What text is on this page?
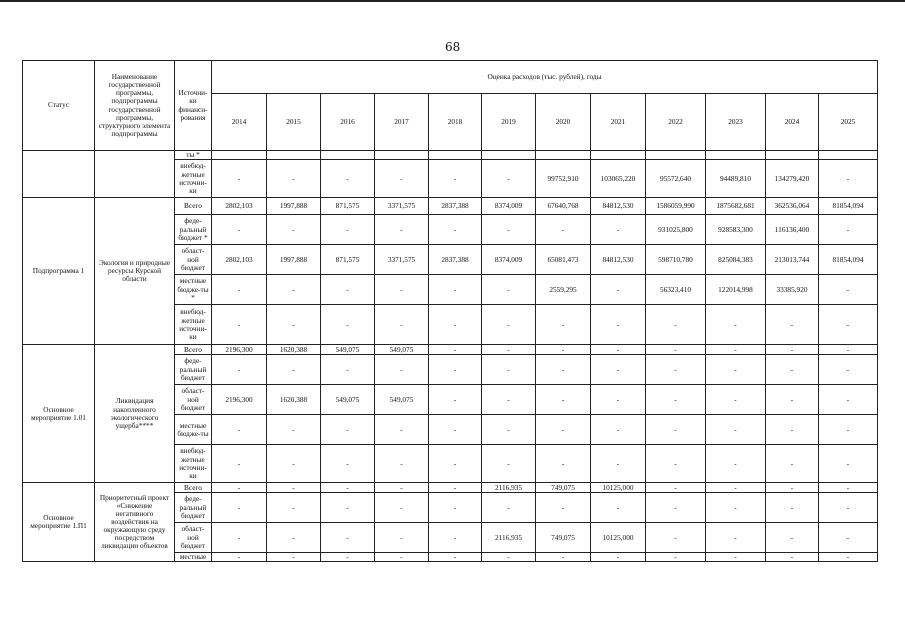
68
Статус	Наименование государственной программы, подпрограммы государственной программы, структурного элемента подпрограммы	Источни-ки финанси-рования	Оценка расходов (тыс. рублей), годы											
			2014	2015	2016	2017	2018	2019	2020	2021	2022	2023	2024	2025
		ты *												
		внебюд-жетные источни-ки	-	-	-	-	-	-	99752,910	103065,220	95572,640	94489,810	134279,420	-
Подпрограмма 1	Экология и природные ресурсы Курской области	Всего	2802,103	1997,888	871,575	3371,575	2837,388	8374,009	67640,768	84812,530	1586059,990	1875682,681	362536,064	81854,094
		феде-ральный бюджет *	-	-	-	-	-	-	-	-	931025,800	928583,300	116136,400	-
		област-ной бюджет	2802,103	1997,888	871,575	3371,575	2837,388	8374,009	65081,473	84812,530	598710,780	825084,383	213013,744	81854,094
		местные бюдже-ты *	-	-	-	-	-	-	2559,295	-	56323,410	122014,998	33385,920	-
		внебюд-жетные источни-ки	-	-	-	-	-	-	-	-	-	-	-	-
Основное мероприятие 1.01	Ликвидация накопленного экологического ущерба****	Всего	2196,300	1620,388	549,075	549,075	-	-	-	-	-	-	-	-
		феде-ральный бюджет	-	-	-	-	-	-	-	-	-	-	-	-
		област-ной бюджет	2196,300	1620,388	549,075	549,075	-	-	-	-	-	-	-	-
		местные бюдже-ты	-	-	-	-	-	-	-	-	-	-	-	-
		внебюд-жетные источни-ки	-	-	-	-	-	-	-	-	-	-	-	-
Основное мероприятие 1.П1	Приоритетный проект «Снижение негативного воздействия на окружающую среду посредством ликвидации объектов	Всего	-	-	-	-	-	2116,935	749,075	10125,000	-	-	-	-
		феде-ральный бюджет	-	-	-	-	-	-	-	-	-	-	-	-
		област-ной бюджет	-	-	-	-	-	2116,935	749,075	10125,000	-	-	-	-
		местные	-	-	-	-	-	-	-	-	-	-	-	-
